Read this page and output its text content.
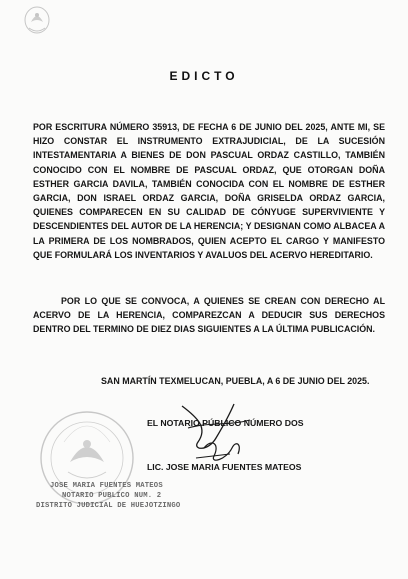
EDICTO

POR ESCRITURA NÚMERO 35913, DE FECHA 6 DE JUNIO DEL 2025, ANTE MI, SE HIZO CONSTAR EL INSTRUMENTO EXTRAJUDICIAL, DE LA SUCESIÓN INTESTAMENTARIA A BIENES DE DON PASCUAL ORDAZ CASTILLO, TAMBIÉN CONOCIDO CON EL NOMBRE DE PASCUAL ORDAZ, QUE OTORGAN DOÑA ESTHER GARCIA DAVILA, TAMBIÉN CONOCIDA CON EL NOMBRE DE ESTHER GARCIA, DON ISRAEL ORDAZ GARCIA, DOÑA GRISELDA ORDAZ GARCIA, QUIENES COMPARECEN EN SU CALIDAD DE CÓNYUGE SUPERVIVIENTE Y DESCENDIENTES DEL AUTOR DE LA HERENCIA; Y DESIGNAN COMO ALBACEA A LA PRIMERA DE LOS NOMBRADOS, QUIEN ACEPTO EL CARGO Y MANIFESTO QUE FORMULARÁ LOS INVENTARIOS Y AVALUOS DEL ACERVO HEREDITARIO.

POR LO QUE SE CONVOCA, A QUIENES SE CREAN CON DERECHO AL ACERVO DE LA HERENCIA, COMPAREZCAN A DEDUCIR SUS DERECHOS DENTRO DEL TERMINO DE DIEZ DIAS SIGUIENTES A LA ÚLTIMA PUBLICACIÓN.

SAN MARTÍN TEXMELUCAN, PUEBLA, A 6 DE JUNIO DEL 2025.
JOSE MARIA FUENTES MATEOS
NOTARIO PUBLICO NUM. 2
DISTRITO JUDICIAL DE HUEJOTZINGO
EL NOTARIO PÚBLICO NÚMERO DOS
LIC. JOSE MARIA FUENTES MATEOS
